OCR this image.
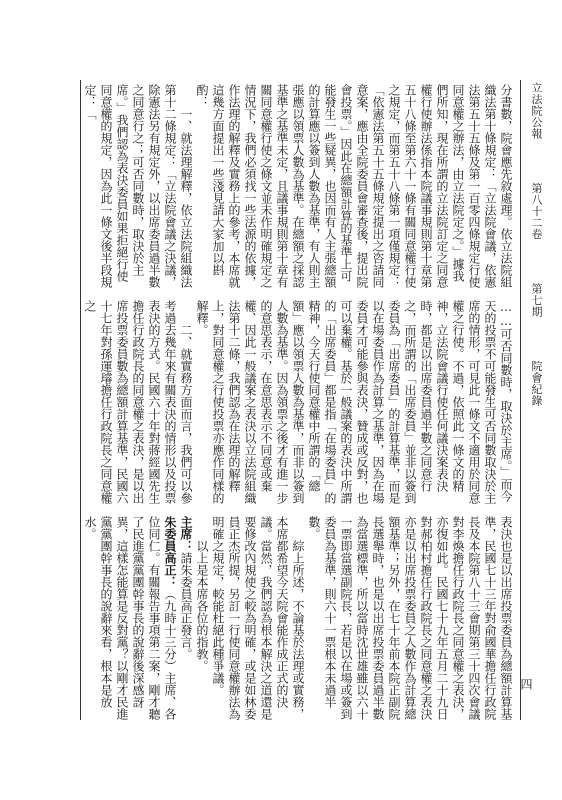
立法院公報  第八十二卷  第七期  院會紀錄
四

分書數，院會應先敘處理。依立法院組織法第十條規定：「立法院會議，依憲法第五十五條及第一百零四條規定行使同意權之辦法，由立法院定之。」據我們所知，現在所謂的立法院訂定之同意權行使辦法係指本院議事規則第十章第五十八條至第六十一條有關同意權行使之規定，而第五十八條第一項僅規定：「依憲法第五十五條規定提出之咨請同意案，應由全院委員會審查後，提出院會投票。」因此在總額計算的基準上可能發生一些疑異，也因而有人主張總額的計算應以簽到人數為基準，有人則主張應以領票人數為基準。在總額之採認基準之基準未定，且議事規則第十章有關同意權行使之條文並未作明確規定之情況下，我們必須找一些法源的依據，作法理的解釋及實務上的參考，本席就這幾方面提出一些淺見請大家加以斟酌：

一、就法理解釋，依立法院組織法第十二條規定：「立法院會議之決議，除憲法另有規定外，以出席委員過半數之同意行之；可否同數時，取決於主席。」我們認為表決委員如果拒絕行使同意權的規定，因為此一條文後半段規定：「

……可否同數時，取決於主席。」而今天的投票不可能發生可否同數取決於主席的情形，可見此一條文不適用於同意權之行使。不過，依照此一條文的精神，立法院會議行使任何議決案表決時，都是以出席委員過半數之同意行之，而所謂的「出席委員」並非以簽到委員為「出席委員」的計算基準，而是以在場委員作為計算之基準，因為在場委員才可能參與表決，贊成或反對，也可以棄權。基於一般議案的表決中所謂的「出席委員」都是指「在場委員」的精神，今天行使同意權中所謂的「總額」應以領票人數為基準，而非以簽到人數為基準。因為領票之後才有進一步的意思表示，在意思表示不同意或棄權、因此一般議案之表決以立法院組織法第十二條，我們認為在法理的解釋上，對同意權之行使投票亦應作同樣的解釋。

二、就實務方面而言，我們可以參考過去幾年來有關表決的情形以及投票表決的方式。民國六十年對蔣經國先生擔任行政院長的同意權之表決，是以出席投票委員數為總額計算基準，民國六十七年對孫運璿擔任行政院長之同意權之

表決也是以出席投票委員為總額計算基準，民國七十三年對俞國華擔任行政院長及本院第八十三會期第三十四次會議對李煥擔任行政院長之同意權之表決，亦復如此。民國七十九年五月二十九日對郝柏村擔任行政院長之同意權之表決亦是以出席投票委員之人數作為計算總額基準；另外，在七十年前本院正副院長選舉時，也是以出席投票委員過半數為當選標準，所以當時沈世雄雖以六十一票即當選副院長，若是以在場或簽到委員為基準，則六十一票根本未過半數。

綜上所述，不論基於法理或實務，本席都希望今天院會能作成正式的決議。當然，我們認為根本解決之道還是要修改內規使之較為明確，或是如林委員正杰所提，另訂一行使同意權辦法為明確之規定，較能杜絕此種爭議。

以上是本席各位的指教。

主席：請朱委員高正發言。

朱委員高正：（九時十三分）主席、各位同仁。有關報告事項第二案，剛才聽了民進黨黨團幹事長的說辭後深感訝異，這樣怎能算是反對黨？以剛才民進黨黨團幹事長的說辭來看，根本是放水。
